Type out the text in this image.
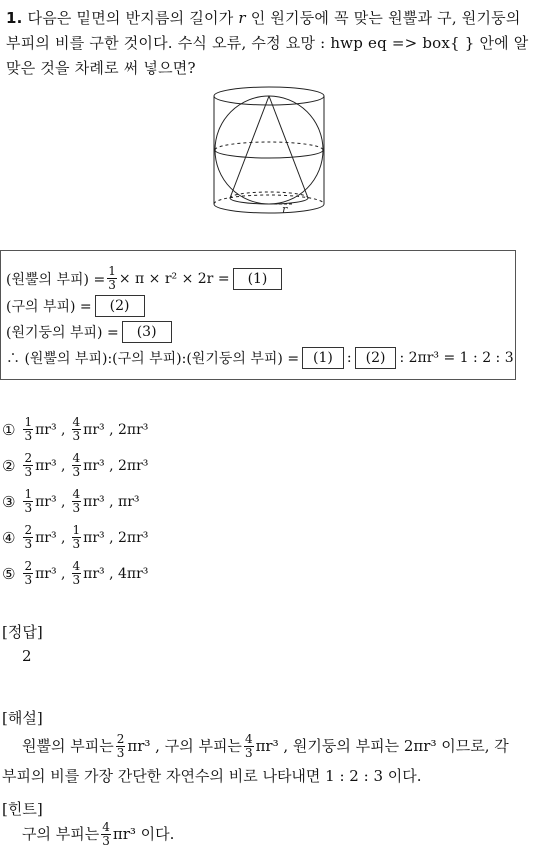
1. 다음은 밑면의 반지름의 길이가 r 인 원기둥에 꼭 맞는 원뿔과 구, 원기둥의 부피의 비를 구한 것이다. 수식 오류, 수정 요망 : hwp eq => box{ } 안에 알맞은 것을 차례로 써 넣으면?
r
(원뿔의 부피) = $\frac{1}{3} \times \pi \times r^2 \times 2r$ =	(1)
(구의 부피) =	(2)
(원기둥의 부피) =	(3)
∴ (원뿔의 부피):(구의 부피):(원기둥의 부피) =	(1)	:	(2)	: 2πr³ = 1 : 2 : 3
① $\frac{1}{3} \pi r^3$ , $\frac{4}{3} \pi r^3$ , 2πr³
② $\frac{2}{3} \pi r^3$ , $\frac{4}{3} \pi r^3$ , 2πr³
③ $\frac{1}{3} \pi r^3$ , $\frac{4}{3} \pi r^3$ , πr³
④ $\frac{2}{3} \pi r^3$ , $\frac{1}{3} \pi r^3$ , 2πr³
⑤ $\frac{2}{3} \pi r^3$ , $\frac{4}{3} \pi r^3$ , 4πr³
[정답]
2
[해설]
원뿔의 부피는 $\frac{2}{3} \pi r^3$ , 구의 부피는 $\frac{4}{3} \pi r^3$ , 원기둥의 부피는 2πr³ 이므로, 각
부피의 비를 가장 간단한 자연수의 비로 나타내면 1 : 2 : 3 이다.
[힌트]
구의 부피는 $\frac{4}{3} \pi r^3$ 이다.
